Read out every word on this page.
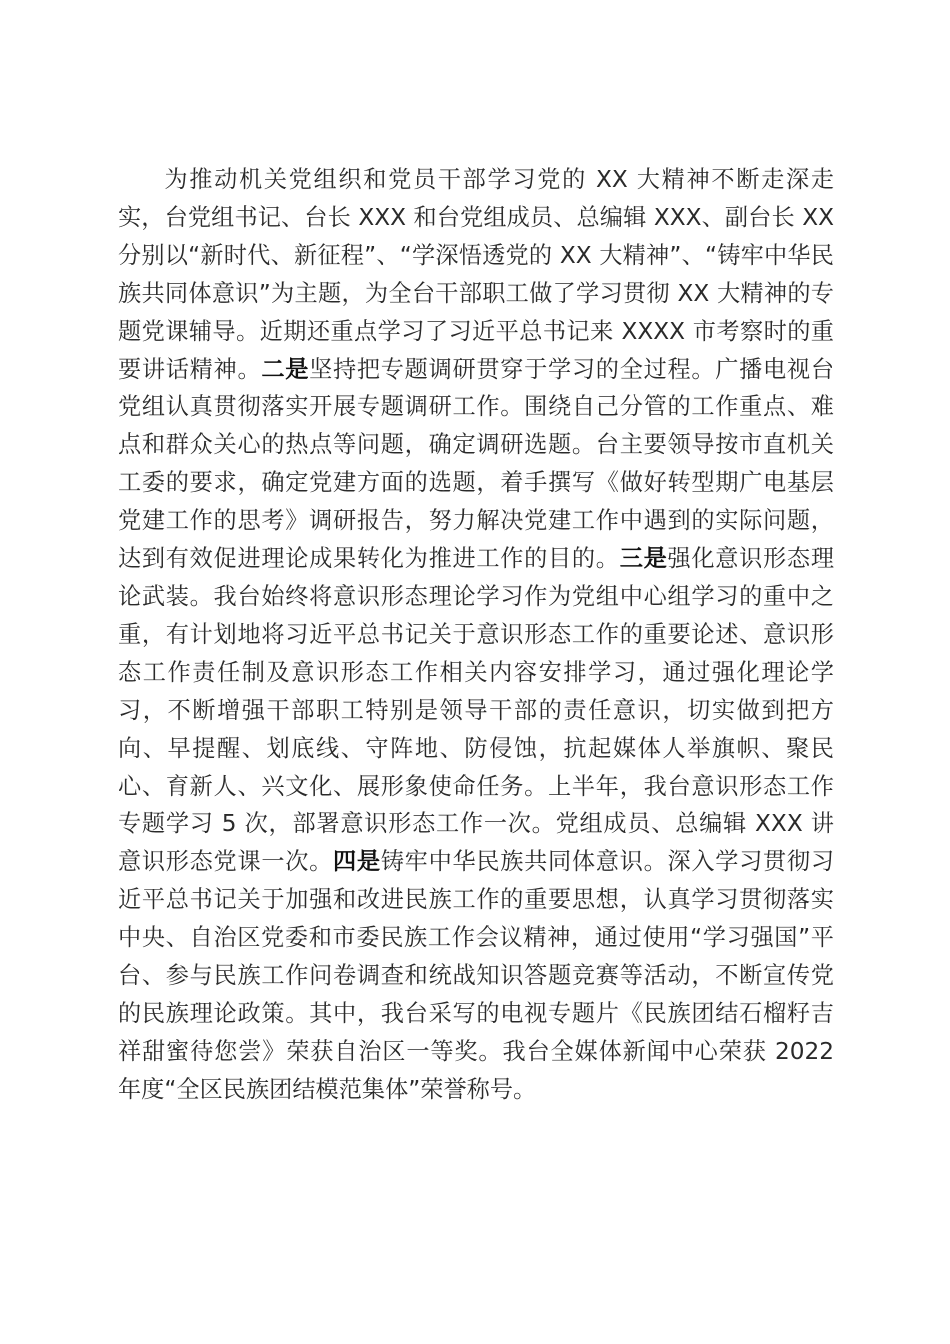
为推动机关党组织和党员干部学习党的 XX 大精神不断走深走实，台党组书记、台长 XXX 和台党组成员、总编辑 XXX、副台长 XX 分别以“新时代、新征程”、“学深悟透党的 XX 大精神”、“铸牢中华民族共同体意识”为主题，为全台干部职工做了学习贯彻 XX 大精神的专题党课辅导。近期还重点学习了习近平总书记来 XXXX 市考察时的重要讲话精神。二是坚持把专题调研贯穿于学习的全过程。广播电视台党组认真贯彻落实开展专题调研工作。围绕自己分管的工作重点、难点和群众关心的热点等问题，确定调研选题。台主要领导按市直机关工委的要求，确定党建方面的选题，着手撰写《做好转型期广电基层党建工作的思考》调研报告，努力解决党建工作中遇到的实际问题，达到有效促进理论成果转化为推进工作的目的。三是强化意识形态理论武装。我台始终将意识形态理论学习作为党组中心组学习的重中之重，有计划地将习近平总书记关于意识形态工作的重要论述、意识形态工作责任制及意识形态工作相关内容安排学习，通过强化理论学习，不断增强干部职工特别是领导干部的责任意识，切实做到把方向、早提醒、划底线、守阵地、防侵蚀，抗起媒体人举旗帜、聚民心、育新人、兴文化、展形象使命任务。上半年，我台意识形态工作专题学习 5 次，部署意识形态工作一次。党组成员、总编辑 XXX 讲意识形态党课一次。四是铸牢中华民族共同体意识。深入学习贯彻习近平总书记关于加强和改进民族工作的重要思想，认真学习贯彻落实中央、自治区党委和市委民族工作会议精神，通过使用“学习强国”平台、参与民族工作问卷调查和统战知识答题竞赛等活动，不断宣传党的民族理论政策。其中，我台采写的电视专题片《民族团结石榴籽吉祥甜蜜待您尝》荣获自治区一等奖。我台全媒体新闻中心荣获 2022 年度“全区民族团结模范集体”荣誉称号。
